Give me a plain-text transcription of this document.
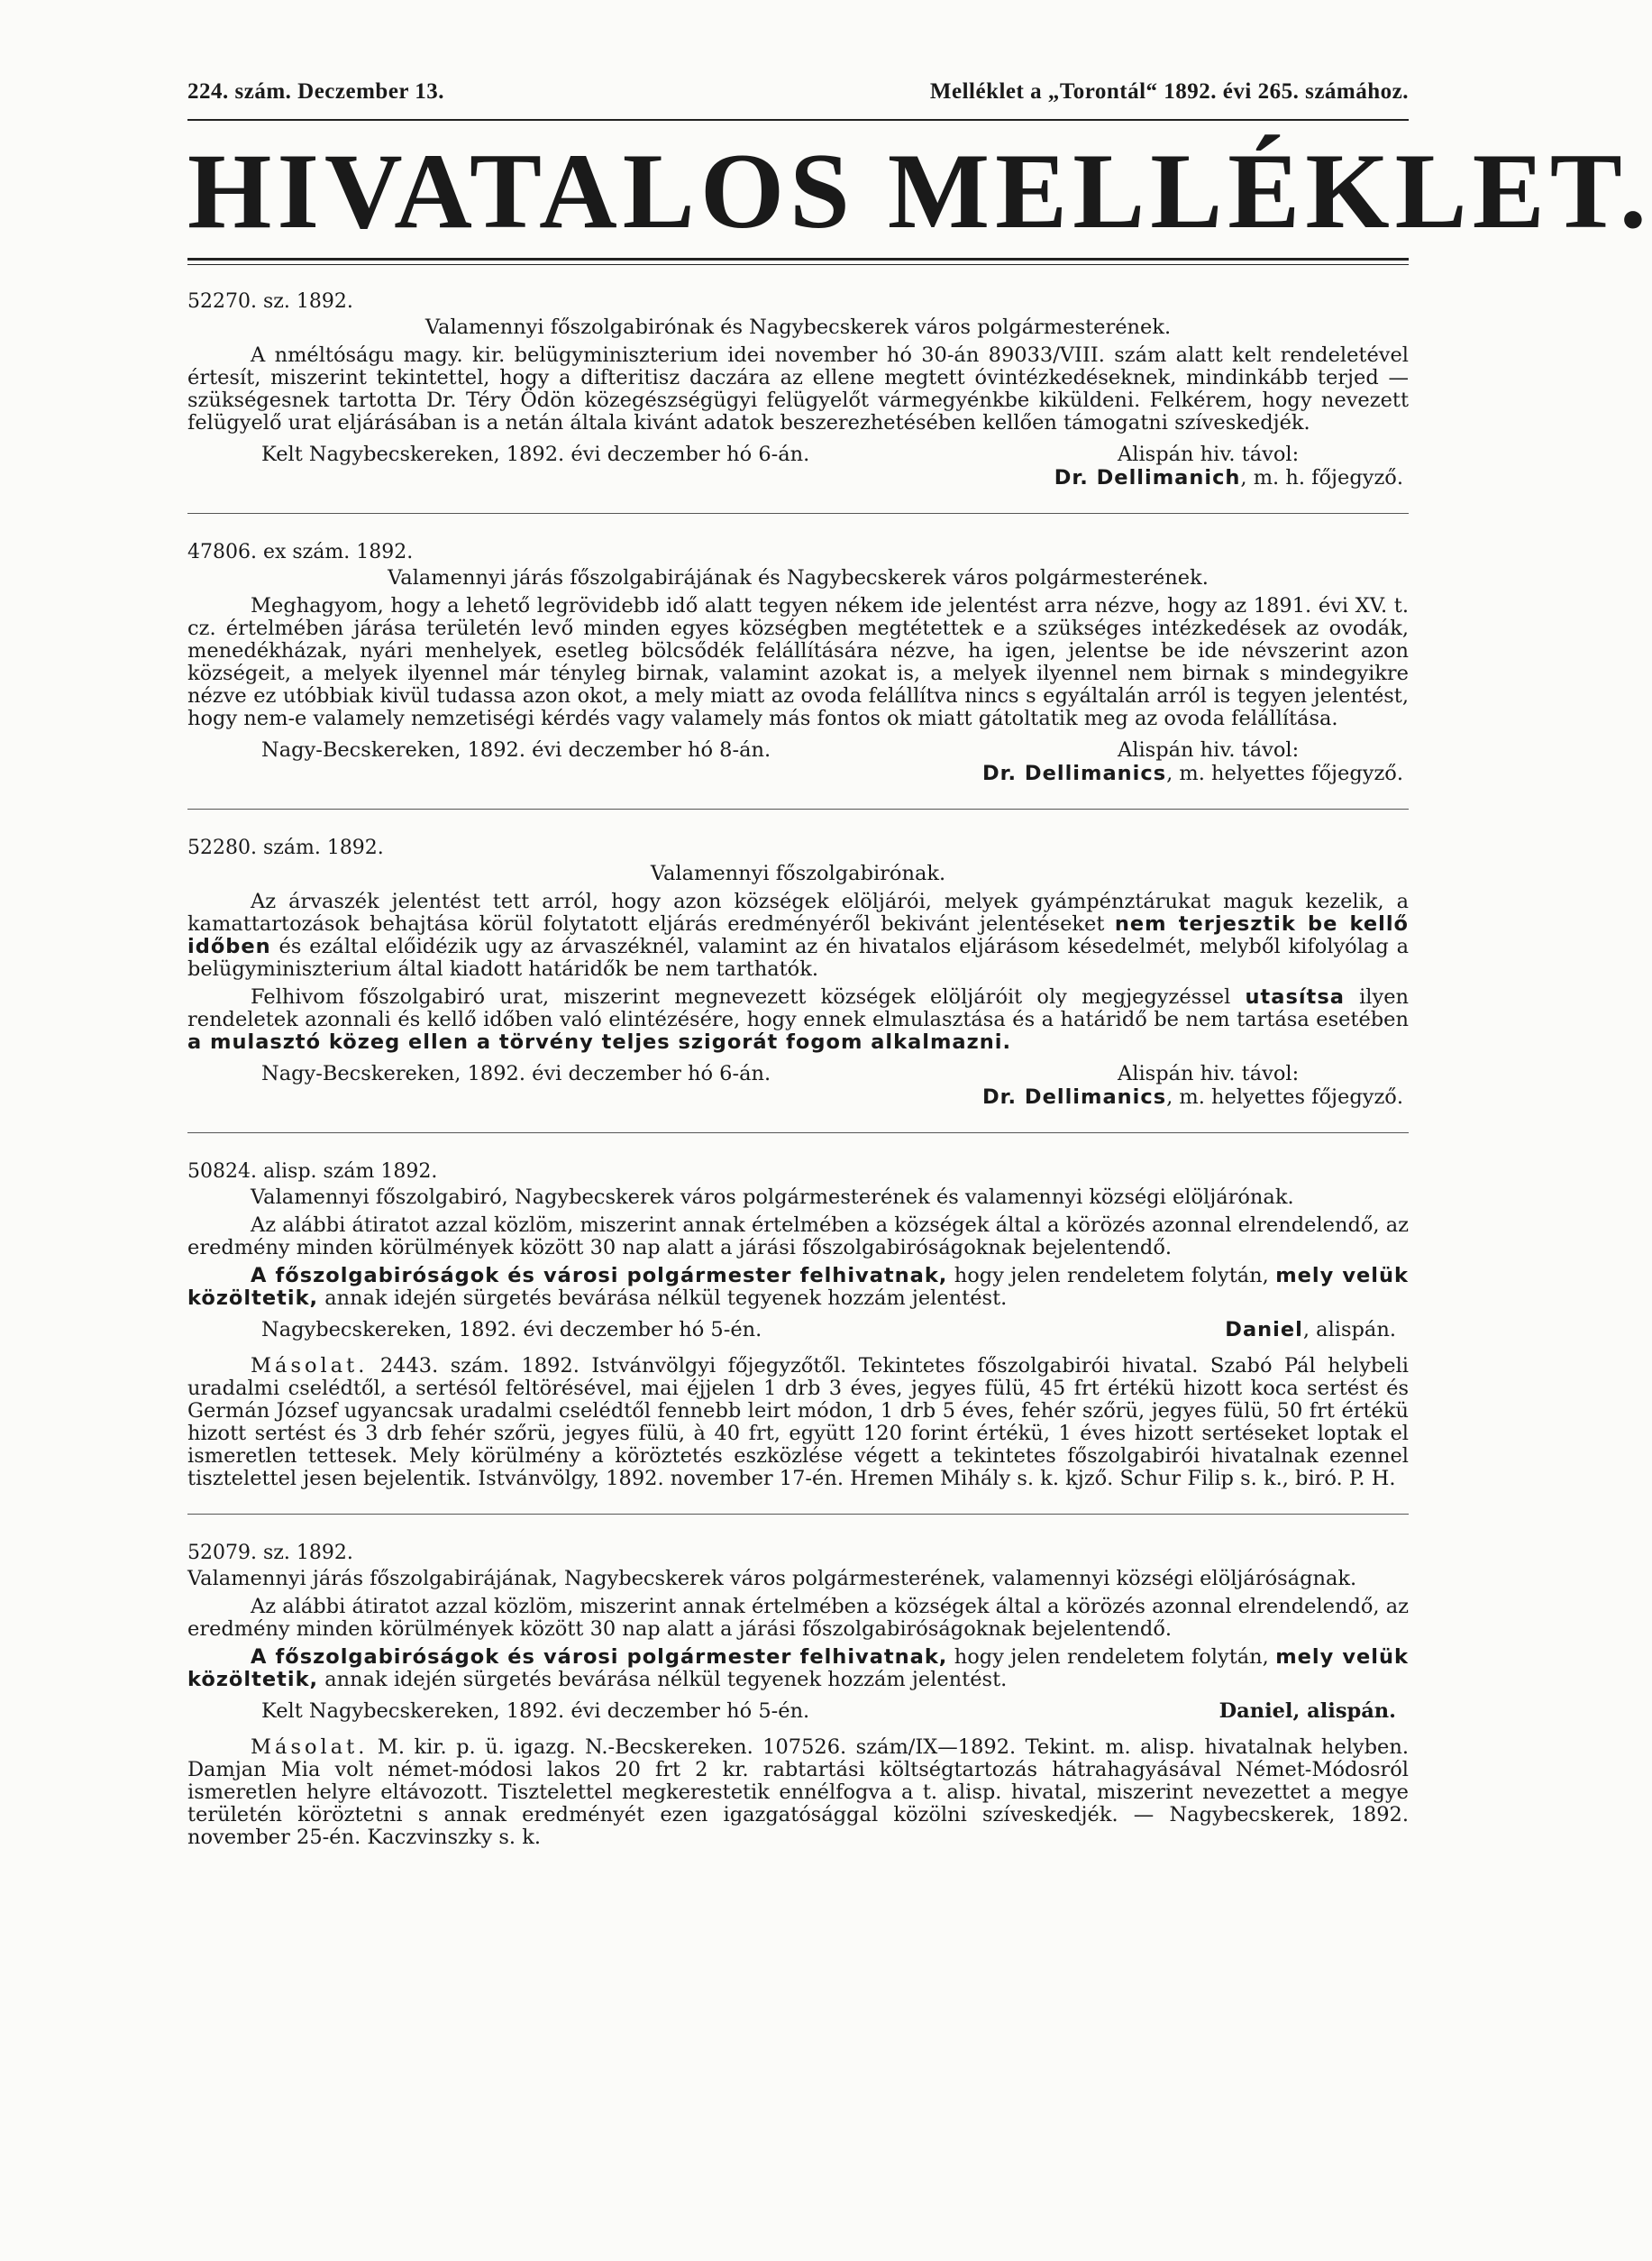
224. szám. Deczember 13.	Melléklet a „Torontál“ 1892. évi 265. számához.
HIVATALOS MELLÉKLET.
52270. sz. 1892.
Valamennyi főszolgabirónak és Nagybecskerek város polgármesterének.

A nméltóságu magy. kir. belügyminiszterium idei november hó 30-án 89033/VIII. szám alatt kelt rendeletével értesít, miszerint tekintettel, hogy a difteritisz daczára az ellene megtett óvintézkedéseknek, mindinkább terjed — szükségesnek tartotta Dr. Téry Ödön közegészségügyi felügyelőt vármegyénkbe kiküldeni. Felkérem, hogy nevezett felügyelő urat eljárásában is a netán általa kivánt adatok beszerezhetésében kellően támogatni szíveskedjék.

Kelt Nagybecskereken, 1892. évi deczember hó 6-án.	Alispán hiv. távol:
Dr. Dellimanich, m. h. főjegyző.
47806. ex szám. 1892.
Valamennyi járás főszolgabirájának és Nagybecskerek város polgármesterének.

Meghagyom, hogy a lehető legrövidebb idő alatt tegyen nékem ide jelentést arra nézve, hogy az 1891. évi XV. t. cz. értelmében járása területén levő minden egyes községben megtétettek e a szükséges intézkedések az ovodák, menedékházak, nyári menhelyek, esetleg bölcsődék felállítására nézve, ha igen, jelentse be ide névszerint azon községeit, a melyek ilyennel már tényleg birnak, valamint azokat is, a melyek ilyennel nem birnak s mindegyikre nézve ez utóbbiak kivül tudassa azon okot, a mely miatt az ovoda felállítva nincs s egyáltalán arról is tegyen jelentést, hogy nem-e valamely nemzetiségi kérdés vagy valamely más fontos ok miatt gátoltatik meg az ovoda felállítása.

Nagy-Becskereken, 1892. évi deczember hó 8-án.	Alispán hiv. távol:
Dr. Dellimanics, m. helyettes főjegyző.
52280. szám. 1892.
Valamennyi főszolgabirónak.

Az árvaszék jelentést tett arról, hogy azon községek elöljárói, melyek gyámpénztárukat maguk kezelik, a kamattartozások behajtása körül folytatott eljárás eredményéről bekivánt jelentéseket nem terjesztik be kellő időben és ezáltal előidézik ugy az árvaszéknél, valamint az én hivatalos eljárásom késedelmét, melyből kifolyólag a belügyminiszterium által kiadott határidők be nem tarthatók.

Felhivom főszolgabiró urat, miszerint megnevezett községek elöljáróit oly megjegyzéssel utasítsa ilyen rendeletek azonnali és kellő időben való elintézésére, hogy ennek elmulasztása és a határidő be nem tartása esetében a mulasztó közeg ellen a törvény teljes szigorát fogom alkalmazni.

Nagy-Becskereken, 1892. évi deczember hó 6-án.	Alispán hiv. távol:
Dr. Dellimanics, m. helyettes főjegyző.
50824. alisp. szám 1892.
Valamennyi főszolgabiró, Nagybecskerek város polgármesterének és valamennyi községi elöljárónak.

Az alábbi átiratot azzal közlöm, miszerint annak értelmében a községek által a körözés azonnal elrendelendő, az eredmény minden körülmények között 30 nap alatt a járási főszolgabiróságoknak bejelentendő.

A főszolgabiróságok és városi polgármester felhivatnak, hogy jelen rendeletem folytán, mely velük közöltetik, annak idején sürgetés bevárása nélkül tegyenek hozzám jelentést.

Nagybecskereken, 1892. évi deczember hó 5-én.	Daniel, alispán.

Másolat. 2443. szám. 1892. Istvánvölgyi főjegyzőtől. Tekintetes főszolgabirói hivatal. Szabó Pál helybeli uradalmi cselédtől, a sertésól feltörésével, mai éjjelen 1 drb 3 éves, jegyes fülü, 45 frt értékü hizott koca sertést és Germán József ugyancsak uradalmi cselédtől fennebb leirt módon, 1 drb 5 éves, fehér szőrü, jegyes fülü, 50 frt értékü hizott sertést és 3 drb fehér szőrü, jegyes fülü, à 40 frt, együtt 120 forint értékü, 1 éves hizott sertéseket loptak el ismeretlen tettesek. Mely körülmény a köröztetés eszközlése végett a tekintetes főszolgabirói hivatalnak ezennel tisztelettel jesen bejelentik. Istvánvölgy, 1892. november 17-én. Hremen Mihály s. k. kjző. Schur Filip s. k., biró. P. H.

52079. sz. 1892.
Valamennyi járás főszolgabirájának, Nagybecskerek város polgármesterének, valamennyi községi elöljáróságnak.

Az alábbi átiratot azzal közlöm, miszerint annak értelmében a községek által a körözés azonnal elrendelendő, az eredmény minden körülmények között 30 nap alatt a járási főszolgabiróságoknak bejelentendő.

A főszolgabiróságok és városi polgármester felhivatnak, hogy jelen rendeletem folytán, mely velük közöltetik, annak idején sürgetés bevárása nélkül tegyenek hozzám jelentést.

Kelt Nagybecskereken, 1892. évi deczember hó 5-én.	Daniel, alispán.

Másolat. M. kir. p. ü. igazg. N.-Becskereken. 107526. szám/IX—1892. Tekint. m. alisp. hivatalnak helyben. Damjan Mia volt német-módosi lakos 20 frt 2 kr. rabtartási költségtartozás hátrahagyásával Német-Módosról ismeretlen helyre eltávozott. Tisztelettel megkerestetik ennélfogva a t. alisp. hivatal, miszerint nevezettet a megye területén köröztetni s annak eredményét ezen igazgatósággal közölni szíveskedjék. — Nagybecskerek, 1892. november 25-én. Kaczvinszky s. k.
